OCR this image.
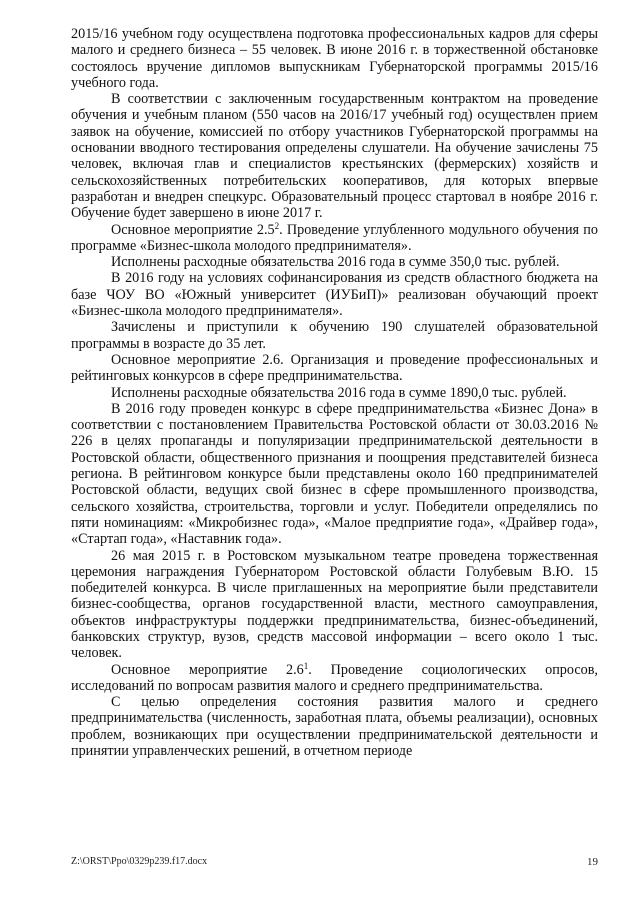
2015/16 учебном году осуществлена подготовка профессиональных кадров для сферы малого и среднего бизнеса – 55 человек. В июне 2016 г. в торжественной обстановке состоялось вручение дипломов выпускникам Губернаторской программы 2015/16 учебного года.

В соответствии с заключенным государственным контрактом на проведение обучения и учебным планом (550 часов на 2016/17 учебный год) осуществлен прием заявок на обучение, комиссией по отбору участников Губернаторской программы на основании вводного тестирования определены слушатели. На обучение зачислены 75 человек, включая глав и специалистов крестьянских (фермерских) хозяйств и сельскохозяйственных потребительских кооперативов, для которых впервые разработан и внедрен спецкурс. Образовательный процесс стартовал в ноябре 2016 г. Обучение будет завершено в июне 2017 г.

Основное мероприятие $2.5^2$. Проведение углубленного модульного обучения по программе «Бизнес-школа молодого предпринимателя».

Исполнены расходные обязательства 2016 года в сумме 350,0 тыс. рублей.

В 2016 году на условиях софинансирования из средств областного бюджета на базе ЧОУ ВО «Южный университет (ИУБиП)» реализован обучающий проект «Бизнес-школа молодого предпринимателя».

Зачислены и приступили к обучению 190 слушателей образовательной программы в возрасте до 35 лет.

Основное мероприятие 2.6. Организация и проведение профессиональных и рейтинговых конкурсов в сфере предпринимательства.

Исполнены расходные обязательства 2016 года в сумме 1890,0 тыс. рублей.

В 2016 году проведен конкурс в сфере предпринимательства «Бизнес Дона» в соответствии с постановлением Правительства Ростовской области от 30.03.2016 № 226 в целях пропаганды и популяризации предпринимательской деятельности в Ростовской области, общественного признания и поощрения представителей бизнеса региона. В рейтинговом конкурсе были представлены около 160 предпринимателей Ростовской области, ведущих свой бизнес в сфере промышленного производства, сельского хозяйства, строительства, торговли и услуг. Победители определялись по пяти номинациям: «Микробизнес года», «Малое предприятие года», «Драйвер года», «Стартап года», «Наставник года».

26 мая 2015 г. в Ростовском музыкальном театре проведена торжественная церемония награждения Губернатором Ростовской области Голубевым В.Ю. 15 победителей конкурса. В числе приглашенных на мероприятие были представители бизнес-сообщества, органов государственной власти, местного самоуправления, объектов инфраструктуры поддержки предпринимательства, бизнес-объединений, банковских структур, вузов, средств массовой информации – всего около 1 тыс. человек.

Основное мероприятие $2.6^1$. Проведение социологических опросов, исследований по вопросам развития малого и среднего предпринимательства.

С целью определения состояния развития малого и среднего предпринимательства (численность, заработная плата, объемы реализации), основных проблем, возникающих при осуществлении предпринимательской деятельности и принятии управленческих решений, в отчетном периоде

Z:\ORST\Ppo\0329p239.f17.docx	19
